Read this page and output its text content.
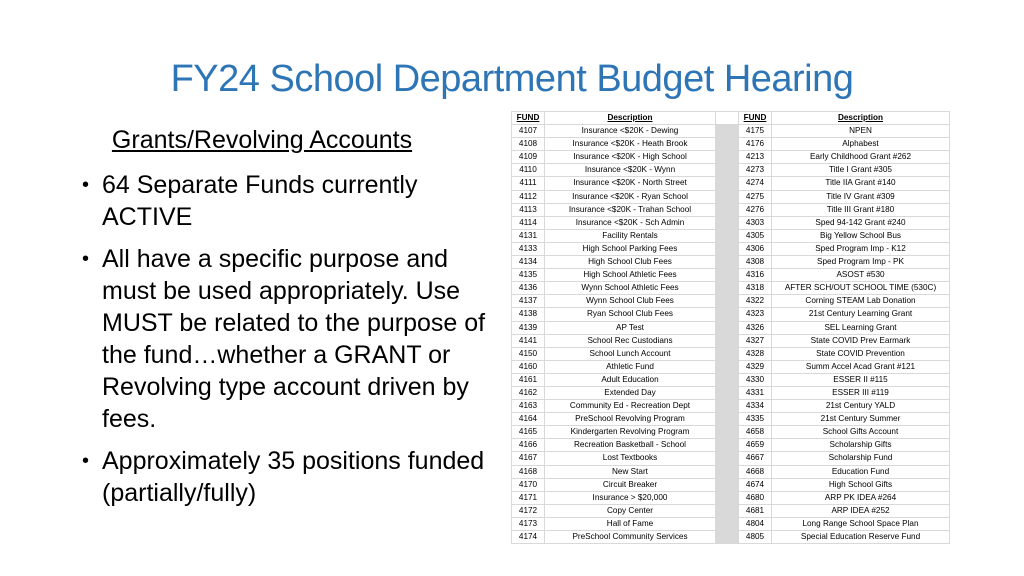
FY24 School Department Budget Hearing
Grants/Revolving Accounts
• 64 Separate Funds currently ACTIVE
• All have a specific purpose and must be used appropriately. Use MUST be related to the purpose of the fund…whether a GRANT or Revolving type account driven by fees.
• Approximately 35 positions funded (partially/fully)
FUND	Description		FUND	Description
4107	Insurance <$20K - Dewing		4175	NPEN
4108	Insurance <$20K - Heath Brook		4176	Alphabest
4109	Insurance <$20K - High School		4213	Early Childhood Grant #262
4110	Insurance <$20K - Wynn		4273	Title I Grant #305
4111	Insurance <$20K - North Street		4274	Title IIA Grant #140
4112	Insurance <$20K - Ryan School		4275	Title IV Grant #309
4113	Insurance <$20K - Trahan School		4276	Title III Grant #180
4114	Insurance <$20K - Sch Admin		4303	Sped 94-142 Grant #240
4131	Facility Rentals		4305	Big Yellow School Bus
4133	High School Parking Fees		4306	Sped Program Imp - K12
4134	High School Club Fees		4308	Sped Program Imp - PK
4135	High School Athletic Fees		4316	ASOST #530
4136	Wynn School Athletic Fees		4318	AFTER SCH/OUT SCHOOL TIME (530C)
4137	Wynn School Club Fees		4322	Corning STEAM Lab Donation
4138	Ryan School Club Fees		4323	21st Century Learning Grant
4139	AP Test		4326	SEL Learning Grant
4141	School Rec Custodians		4327	State COVID Prev Earmark
4150	School Lunch Account		4328	State COVID Prevention
4160	Athletic Fund		4329	Summ Accel Acad Grant #121
4161	Adult Education		4330	ESSER II #115
4162	Extended Day		4331	ESSER III #119
4163	Community Ed - Recreation Dept		4334	21st Century YALD
4164	PreSchool Revolving Program		4335	21st Century Summer
4165	Kindergarten Revolving Program		4658	School Gifts Account
4166	Recreation Basketball - School		4659	Scholarship Gifts
4167	Lost Textbooks		4667	Scholarship Fund
4168	New Start		4668	Education Fund
4170	Circuit Breaker		4674	High School Gifts
4171	Insurance > $20,000		4680	ARP PK IDEA #264
4172	Copy Center		4681	ARP IDEA #252
4173	Hall of Fame		4804	Long Range School Space Plan
4174	PreSchool Community Services		4805	Special Education Reserve Fund
